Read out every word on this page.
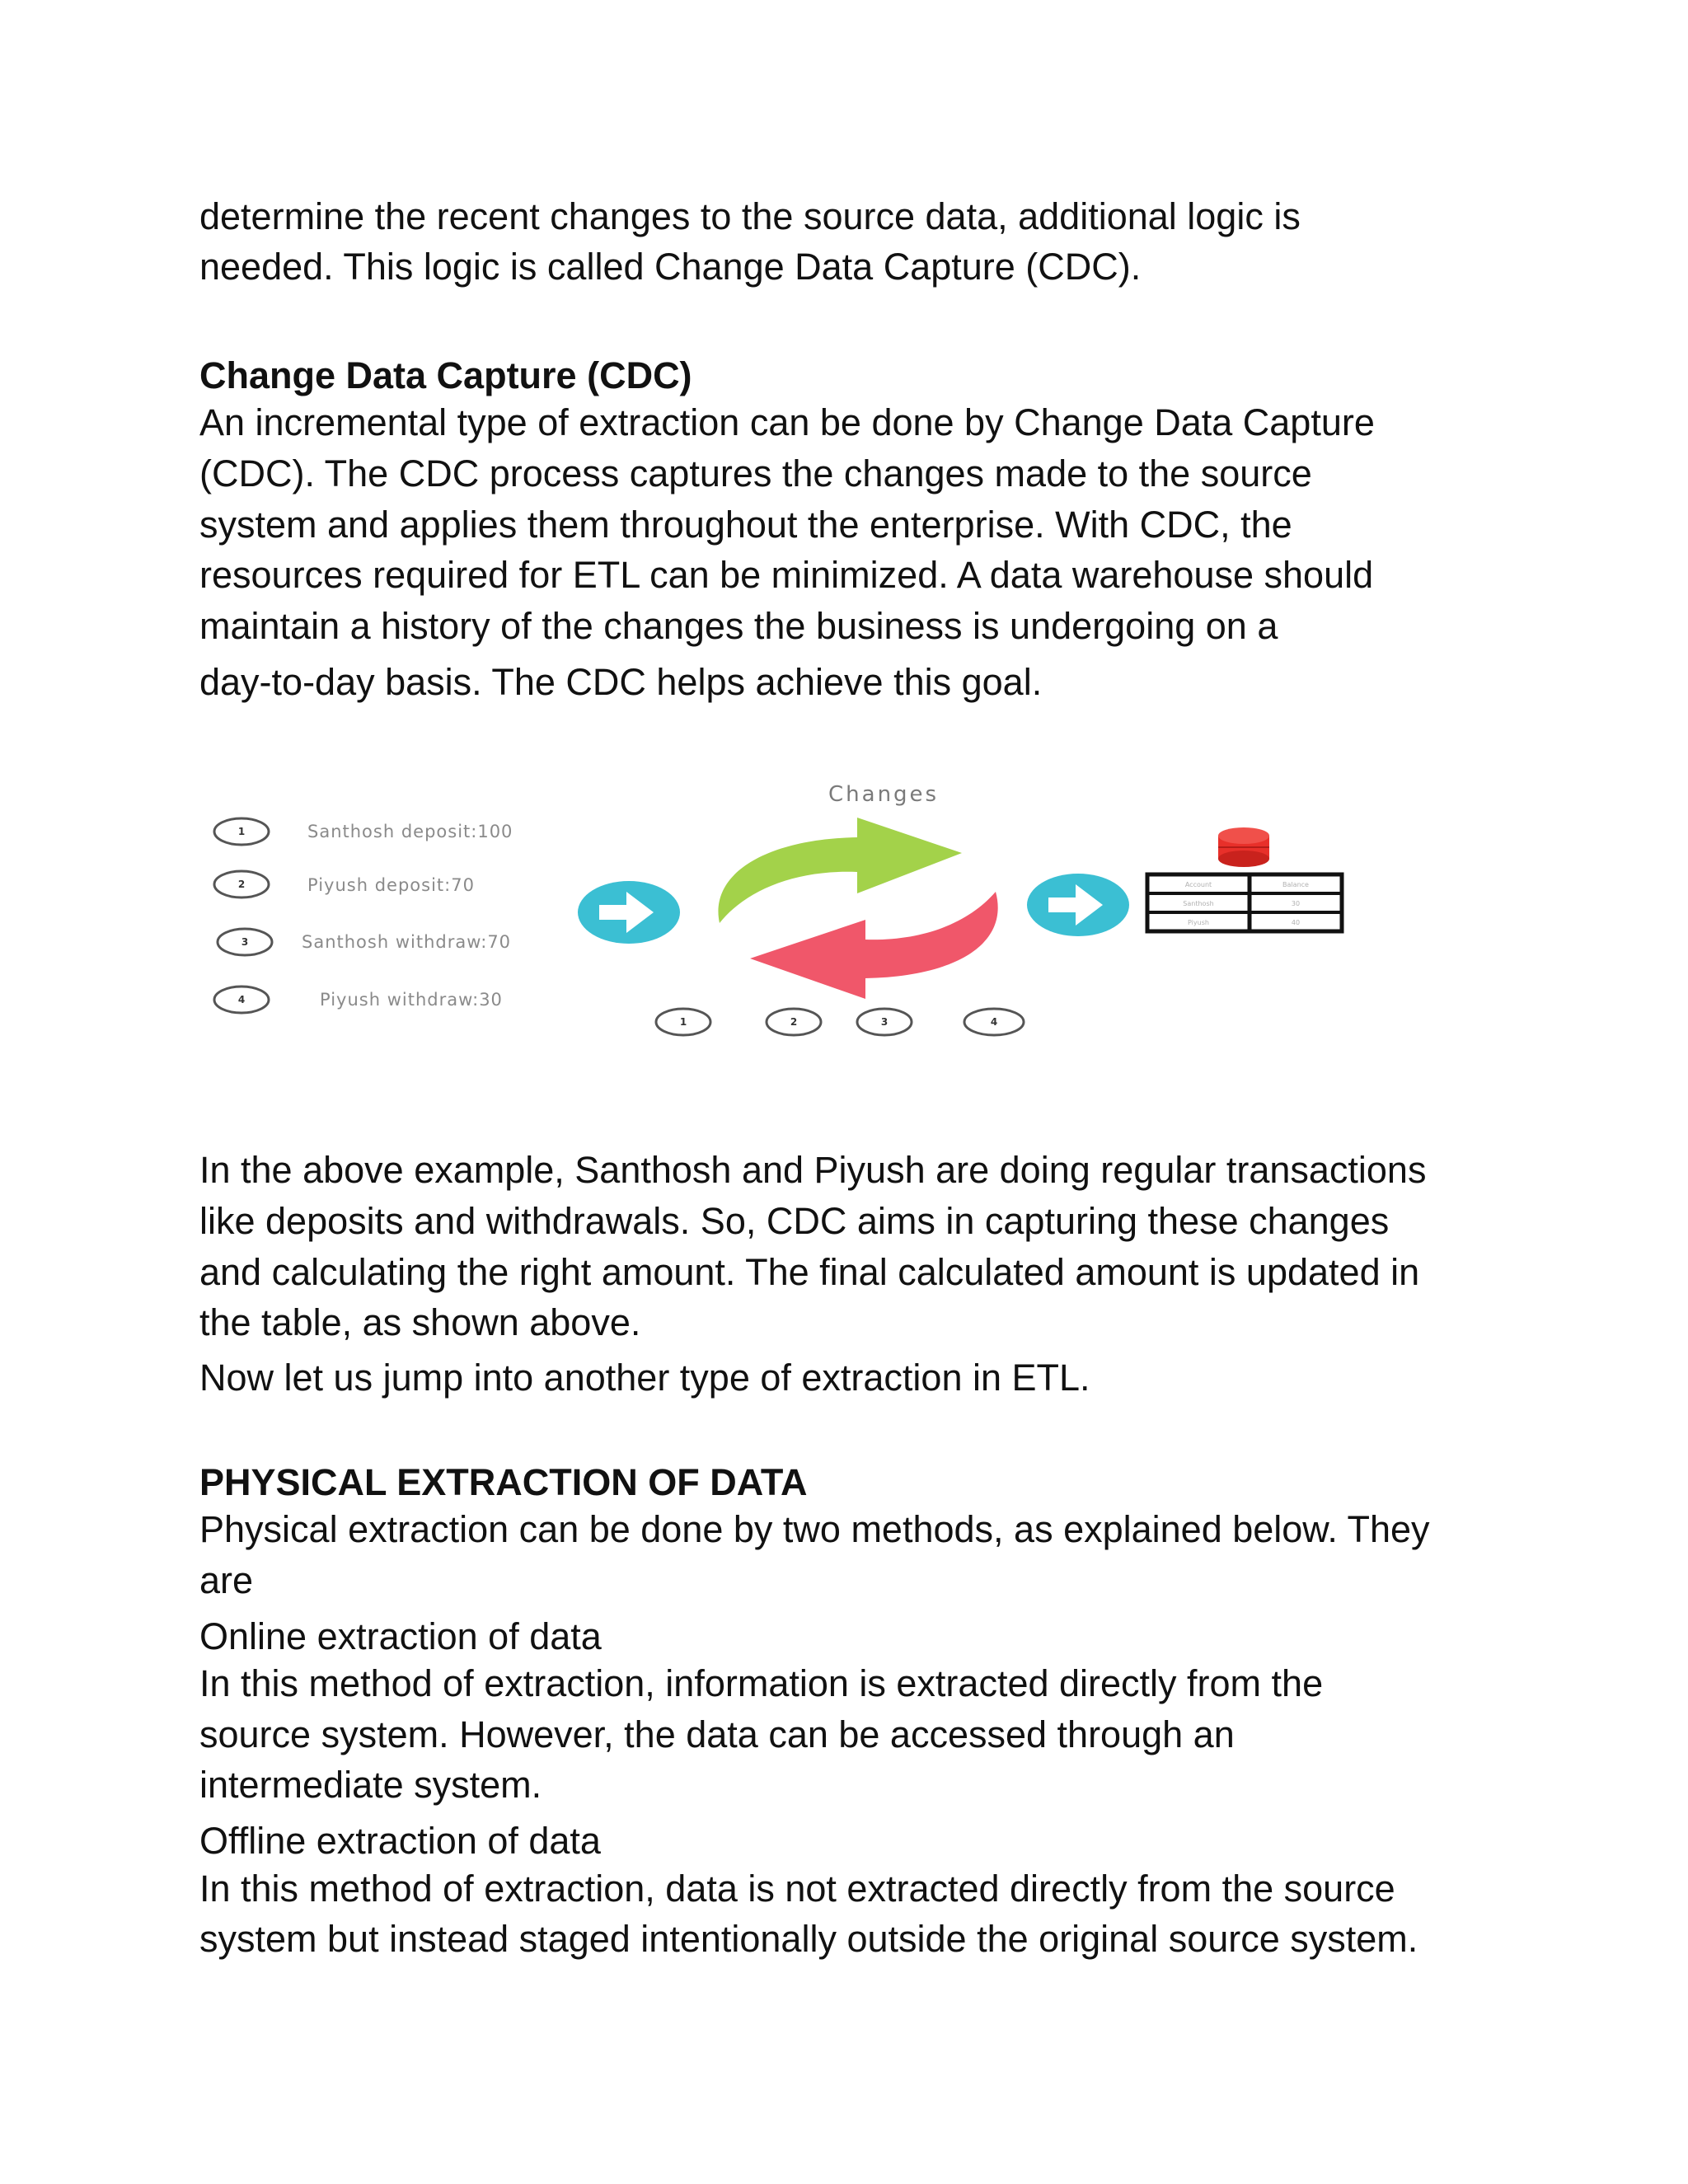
determine the recent changes to the source data, additional logic is
needed. This logic is called Change Data Capture (CDC).
Change Data Capture (CDC)
An incremental type of extraction can be done by Change Data Capture
(CDC). The CDC process captures the changes made to the source
system and applies them throughout the enterprise. With CDC, the
resources required for ETL can be minimized. A data warehouse should
maintain a history of the changes the business is undergoing on a
day-to-day basis. The CDC helps achieve this goal.
1	Santhosh deposit:100
2	Piyush deposit:70
3	Santhosh withdraw:70
4	Piyush withdraw:30
Changes
Account	Balance
Santhosh	30
Piyush	40
1	2	3	4
In the above example, Santhosh and Piyush are doing regular transactions
like deposits and withdrawals. So, CDC aims in capturing these changes
and calculating the right amount. The final calculated amount is updated in
the table, as shown above.
Now let us jump into another type of extraction in ETL.
PHYSICAL EXTRACTION OF DATA
Physical extraction can be done by two methods, as explained below. They
are
Online extraction of data
In this method of extraction, information is extracted directly from the
source system. However, the data can be accessed through an
intermediate system.
Offline extraction of data
In this method of extraction, data is not extracted directly from the source
system but instead staged intentionally outside the original source system.
